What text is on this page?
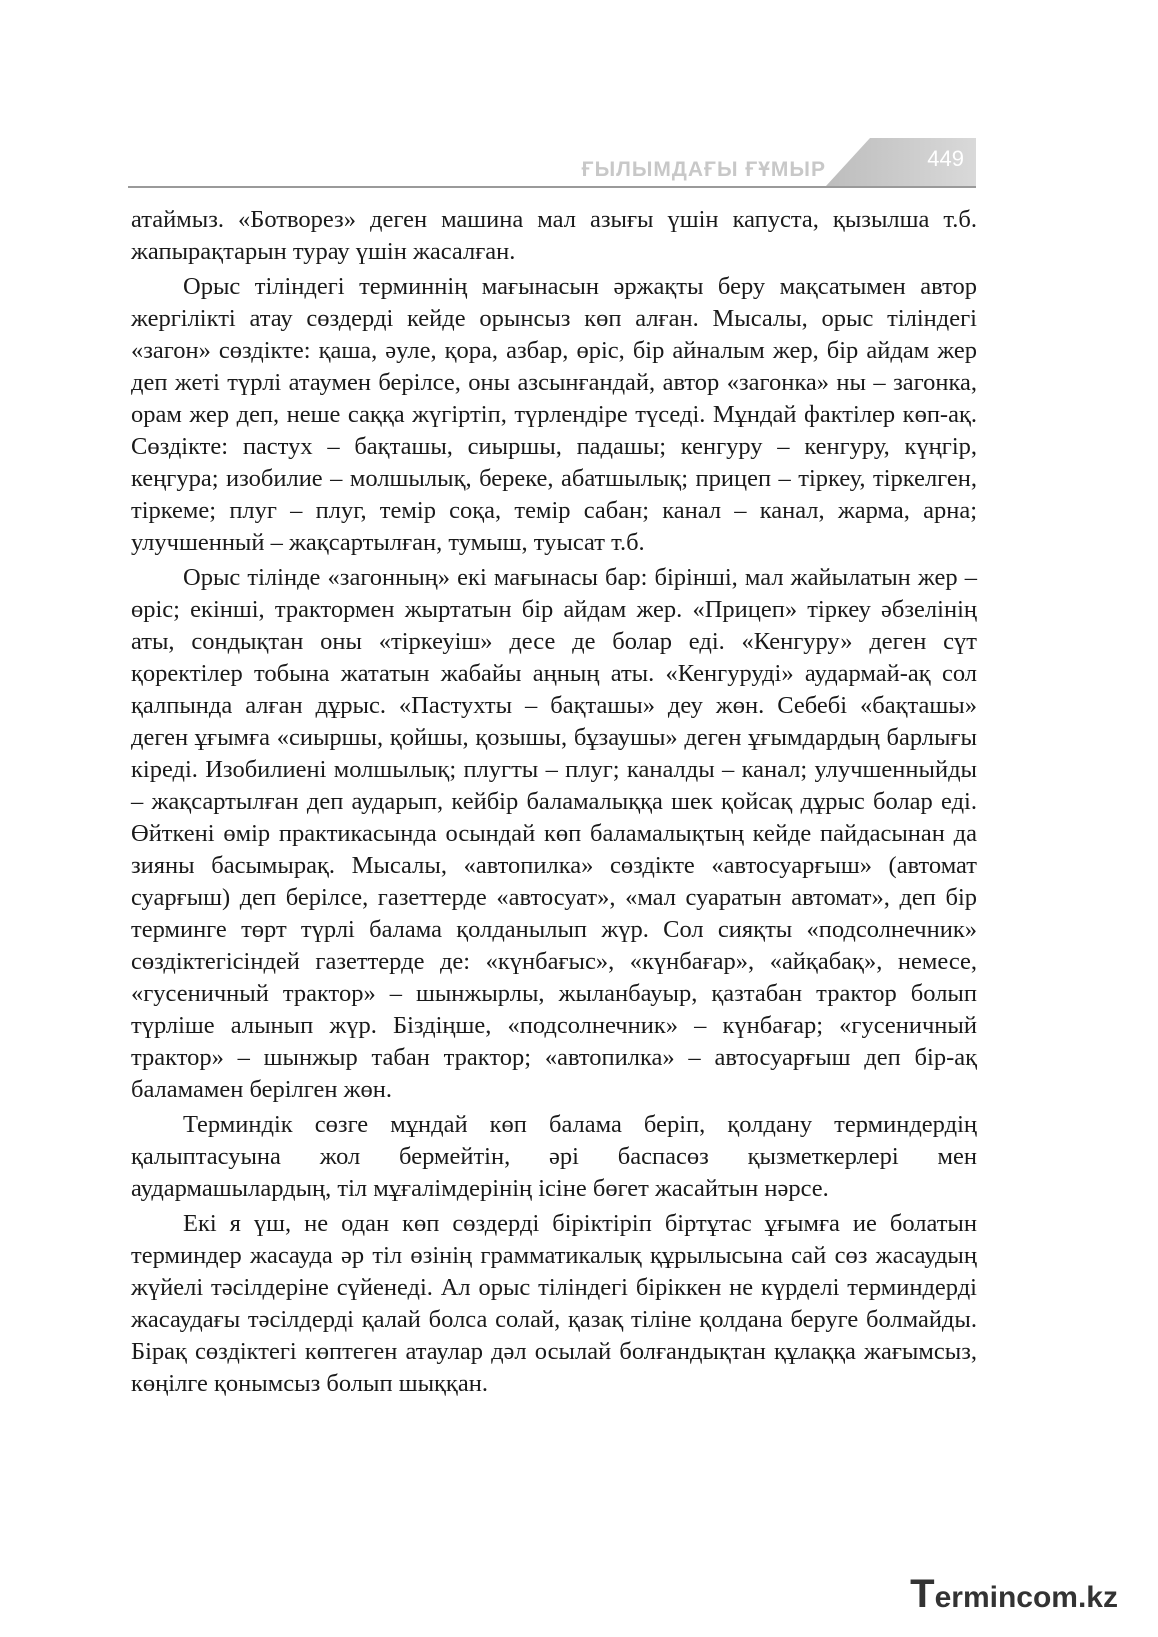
ҒЫЛЫМДАҒЫ ҒҰМЫР	449

атаймыз. «Ботворез» деген машина мал азығы үшін капуста, қызылша т.б. жапырақтарын турау үшін жасалған.

Орыс тіліндегі терминнің мағынасын әржақты беру мақсатымен автор жергілікті атау сөздерді кейде орынсыз көп алған. Мысалы, орыс тіліндегі «загон» сөздікте: қаша, әуле, қора, азбар, өріс, бір айналым жер, бір айдам жер деп жеті түрлі атаумен берілсе, оны азсынғандай, автор «загонка» ны – загонка, орам жер деп, неше саққа жүгіртіп, түрлендіре түседі. Мұндай фактілер көп-ақ. Сөздікте: пастух – бақташы, сиыршы, падашы; кенгуру – кенгуру, күңгір, кеңгура; изобилие – молшылық, береке, абатшылық; прицеп – тіркеу, тіркелген, тіркеме; плуг – плуг, темір соқа, темір сабан; канал – канал, жарма, арна; улучшенный – жақсартылған, тумыш, туысат т.б.

Орыс тілінде «загонның» екі мағынасы бар: біріншi, мал жайылатын жер – өріс; екінші, трактормен жыртатын бір айдам жер. «Прицеп» тіркеу әбзелінің аты, сондықтан оны «тіркеуіш» десе де болар еді. «Кенгуру» деген сүт қоректілер тобына жататын жабайы аңның аты. «Кенгуруді» аудармай-ақ сол қалпында алған дұрыс. «Пастухты – бақташы» деу жөн. Себебі «бақташы» деген ұғымға «сиыршы, қойшы, қозышы, бұзаушы» деген ұғымдардың барлығы кіреді. Изобилиені молшылық; плугты – плуг; каналды – канал; улучшенныйды – жақсартылған деп аударып, кейбір баламалыққа шек қойсақ дұрыс болар еді. Өйткені өмір практикасында осындай көп баламалықтың кейде пайдасынан да зияны басымырақ. Мысалы, «автопилка» сөздікте «автосуарғыш» (автомат суарғыш) деп берілсе, газеттерде «автосуат», «мал суаратын автомат», деп бір терминге төрт түрлі балама қолданылып жүр. Сол сияқты «подсолнечник» сөздіктегісіндей газеттерде де: «күнбағыс», «күнбағар», «айқабақ», немесе, «гусеничный трактор» – шынжырлы, жыланбауыр, қазтабан трактор болып түрліше алынып жүр. Біздіңше, «подсолнечник» – күнбағар; «гусеничный трактор» – шынжыр табан трактор; «автопилка» – автосуарғыш деп бір-ақ баламамен берілген жөн.

Терминдік сөзге мұндай көп балама беріп, қолдану терминдердің қалыптасуына жол бермейтін, әрі баспасөз қызметкерлері мен аудармашылардың, тіл мұғалімдерінің ісіне бөгет жасайтын нәрсе.

Екі я үш, не одан көп сөздерді біріктіріп біртұтас ұғымға ие болатын терминдер жасауда әр тіл өзінің грамматикалық құрылысына сай сөз жасаудың жүйелі тәсілдеріне сүйенеді. Ал орыс тіліндегі біріккен не күрделі терминдерді жасаудағы тәсілдерді қалай болса солай, қазақ тіліне қолдана беруге болмайды. Бірақ сөздіктегі көптеген атаулар дәл осылай болғандықтан құлаққа жағымсыз, көңілге қонымсыз болып шыққан.

Termincom.kz
